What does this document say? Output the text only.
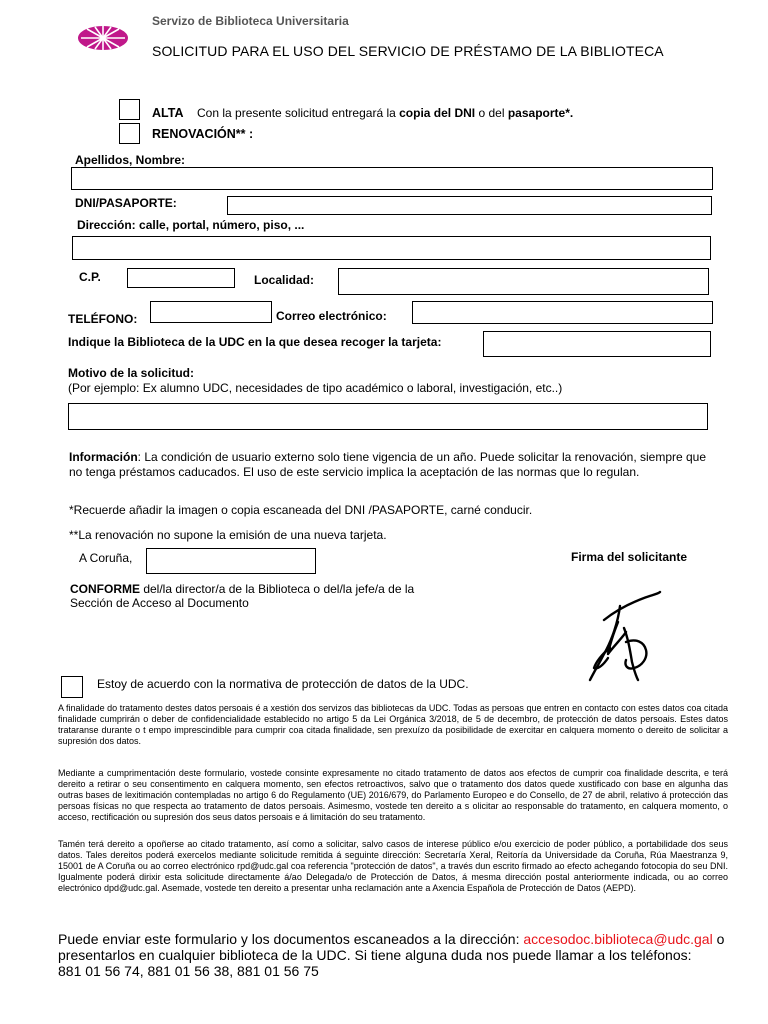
Servizo de Biblioteca Universitaria
SOLICITUD PARA EL USO DEL SERVICIO DE PRÉSTAMO DE LA BIBLIOTECA
ALTA Con la presente solicitud entregará la copia del DNI o del pasaporte*.
RENOVACIÓN** :
Apellidos, Nombre:
DNI/PASAPORTE:
Dirección: calle, portal, número, piso, ...
C.P.	Localidad:
TELÉFONO:	Correo electrónico:
Indique la Biblioteca de la UDC en la que desea recoger la tarjeta:
Motivo de la solicitud:
(Por ejemplo: Ex alumno UDC, necesidades de tipo académico o laboral, investigación, etc..)
Información: La condición de usuario externo solo tiene vigencia de un año. Puede solicitar la renovación, siempre que no tenga préstamos caducados. El uso de este servicio implica la aceptación de las normas que lo regulan.
*Recuerde añadir la imagen o copia escaneada del DNI /PASAPORTE, carné conducir.
**La renovación no supone la emisión de una nueva tarjeta.
A Coruña,	Firma del solicitante
CONFORME del/la director/a de la Biblioteca o del/la jefe/a de la Sección de Acceso al Documento
Estoy de acuerdo con la normativa de protección de datos de la UDC.
A finalidade do tratamento destes datos persoais é a xestión dos servizos das bibliotecas da UDC. Todas as persoas que entren en contacto con estes datos coa citada finalidade cumprirán o deber de confidencialidade establecido no artigo 5 da Lei Orgánica 3/2018, de 5 de decembro, de protección de datos persoais. Estes datos trataranse durante o t empo imprescindible para cumprir coa citada finalidade, sen prexuízo da posibilidade de exercitar en calquera momento o dereito de solicitar a supresión dos datos.
Mediante a cumprimentación deste formulario, vostede consinte expresamente no citado tratamento de datos aos efectos de cumprir coa finalidade descrita, e terá dereito a retirar o seu consentimento en calquera momento, sen efectos retroactivos, salvo que o tratamento dos datos quede xustificado con base en algunha das outras bases de lexitimación contempladas no artigo 6 do Regulamento (UE) 2016/679, do Parlamento Europeo e do Consello, de 27 de abril, relativo á protección das persoas físicas no que respecta ao tratamento de datos persoais. Asimesmo, vostede ten dereito a s olicitar ao responsable do tratamento, en calquera momento, o acceso, rectificación ou supresión dos seus datos persoais e á limitación do seu tratamento.
Tamén terá dereito a opoñerse ao citado tratamento, así como a solicitar, salvo casos de interese público e/ou exercicio de poder público, a portabilidade dos seus datos. Tales dereitos poderá exercelos mediante solicitude remitida á seguinte dirección: Secretaría Xeral, Reitoría da Universidade da Coruña, Rúa Maestranza 9, 15001 de A Coruña ou ao correo electrónico rpd@udc.gal coa referencia "protección de datos", a través dun escrito firmado ao efecto achegando fotocopia do seu DNI. Igualmente poderá dirixir esta solicitude directamente á/ao Delegada/o de Protección de Datos, á mesma dirección postal anteriormente indicada, ou ao correo electrónico dpd@udc.gal. Asemade, vostede ten dereito a presentar unha reclamación ante a Axencia Española de Protección de Datos (AEPD).
Puede enviar este formulario y los documentos escaneados a la dirección: accesodoc.biblioteca@udc.gal o presentarlos en cualquier biblioteca de la UDC. Si tiene alguna duda nos puede llamar a los teléfonos:
881 01 56 74, 881 01 56 38, 881 01 56 75
